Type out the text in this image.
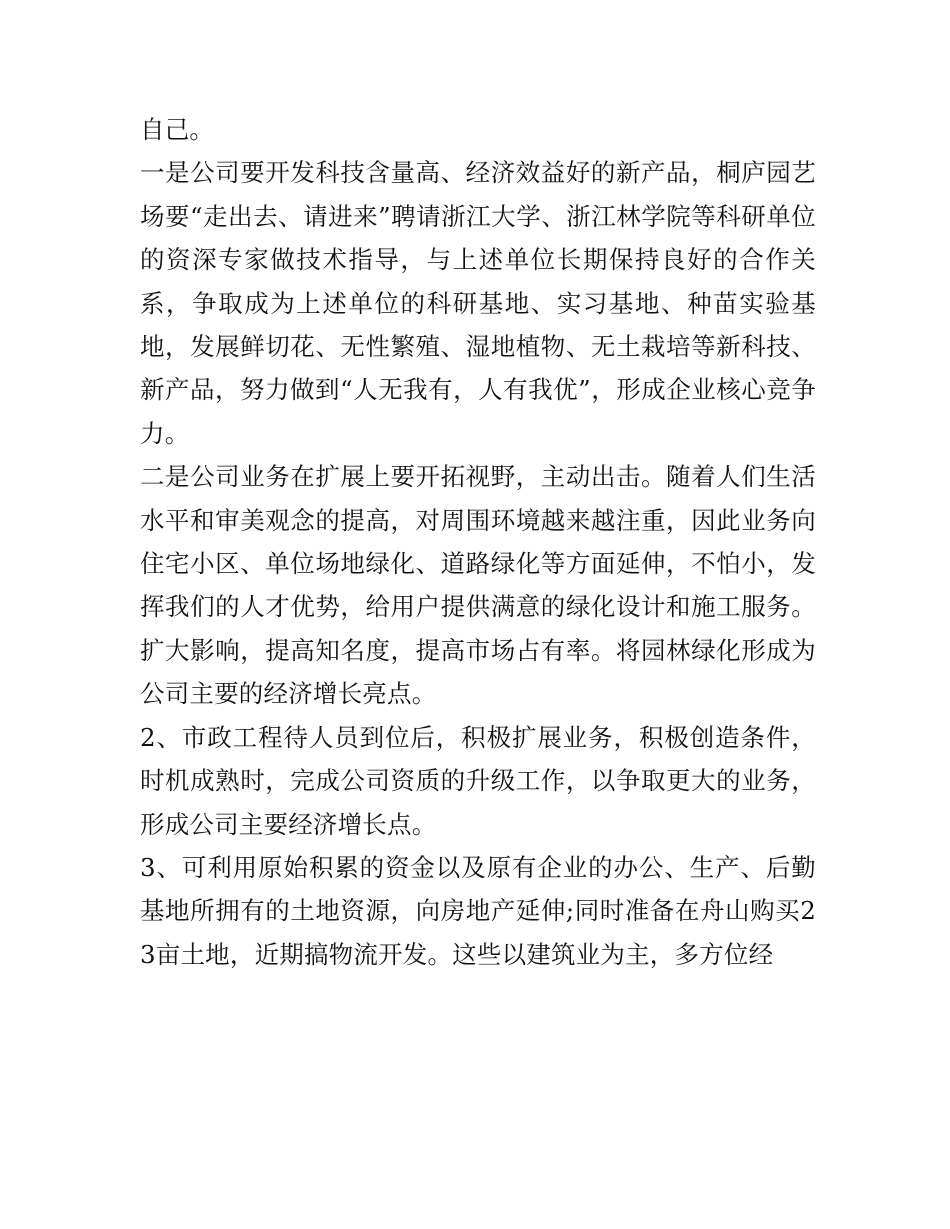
自己。

一是公司要开发科技含量高、经济效益好的新产品，桐庐园艺场要“走出去、请进来”聘请浙江大学、浙江林学院等科研单位的资深专家做技术指导，与上述单位长期保持良好的合作关系，争取成为上述单位的科研基地、实习基地、种苗实验基地，发展鲜切花、无性繁殖、湿地植物、无土栽培等新科技、新产品，努力做到“人无我有，人有我优”，形成企业核心竞争力。

二是公司业务在扩展上要开拓视野，主动出击。随着人们生活水平和审美观念的提高，对周围环境越来越注重，因此业务向住宅小区、单位场地绿化、道路绿化等方面延伸，不怕小，发挥我们的人才优势，给用户提供满意的绿化设计和施工服务。扩大影响，提高知名度，提高市场占有率。将园林绿化形成为公司主要的经济增长亮点。

2、市政工程待人员到位后，积极扩展业务，积极创造条件，时机成熟时，完成公司资质的升级工作，以争取更大的业务，形成公司主要经济增长点。

3、可利用原始积累的资金以及原有企业的办公、生产、后勤基地所拥有的土地资源，向房地产延伸;同时准备在舟山购买23亩土地，近期搞物流开发。这些以建筑业为主，多方位经
